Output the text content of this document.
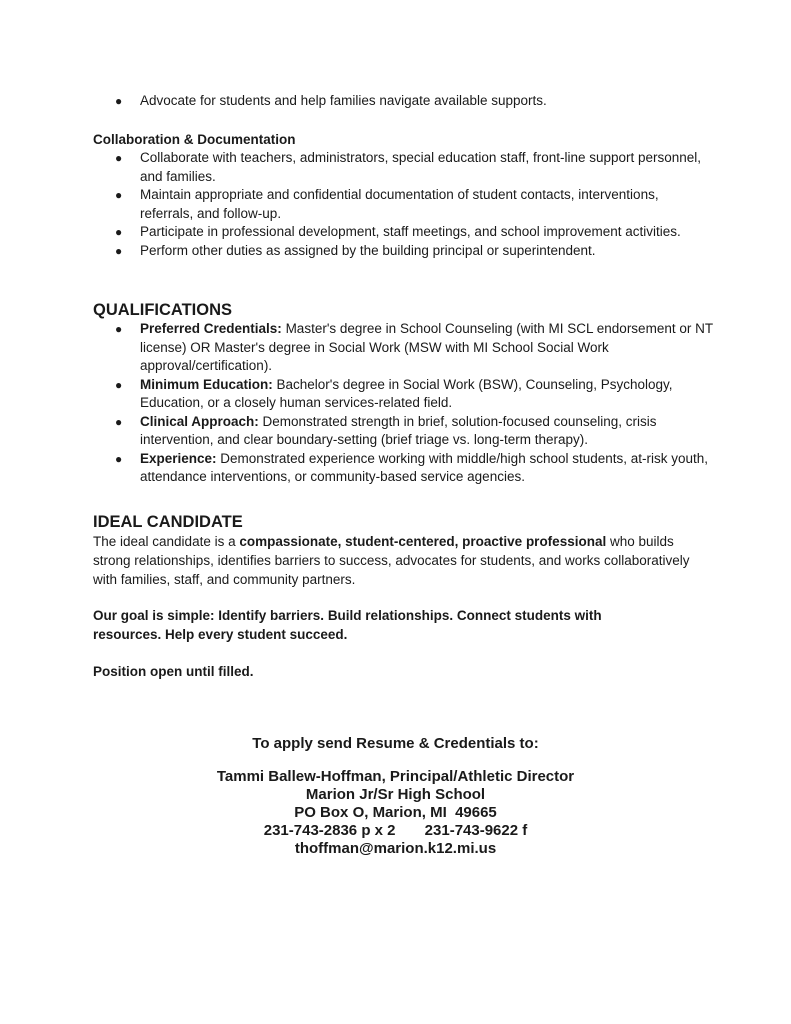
● Advocate for students and help families navigate available supports.
Collaboration & Documentation
● Collaborate with teachers, administrators, special education staff, front-line support personnel, and families.
● Maintain appropriate and confidential documentation of student contacts, interventions, referrals, and follow-up.
● Participate in professional development, staff meetings, and school improvement activities.
● Perform other duties as assigned by the building principal or superintendent.
QUALIFICATIONS
● Preferred Credentials: Master's degree in School Counseling (with MI SCL endorsement or NT license) OR Master's degree in Social Work (MSW with MI School Social Work approval/certification).
● Minimum Education: Bachelor's degree in Social Work (BSW), Counseling, Psychology, Education, or a closely human services-related field.
● Clinical Approach: Demonstrated strength in brief, solution-focused counseling, crisis intervention, and clear boundary-setting (brief triage vs. long-term therapy).
● Experience: Demonstrated experience working with middle/high school students, at-risk youth, attendance interventions, or community-based service agencies.
IDEAL CANDIDATE
The ideal candidate is a compassionate, student-centered, proactive professional who builds strong relationships, identifies barriers to success, advocates for students, and works collaboratively with families, staff, and community partners.
Our goal is simple: Identify barriers. Build relationships. Connect students with resources. Help every student succeed.
Position open until filled.
To apply send Resume & Credentials to:
Tammi Ballew-Hoffman, Principal/Athletic Director
Marion Jr/Sr High School
PO Box O, Marion, MI  49665
231-743-2836 p x 2       231-743-9622 f
thoffman@marion.k12.mi.us
